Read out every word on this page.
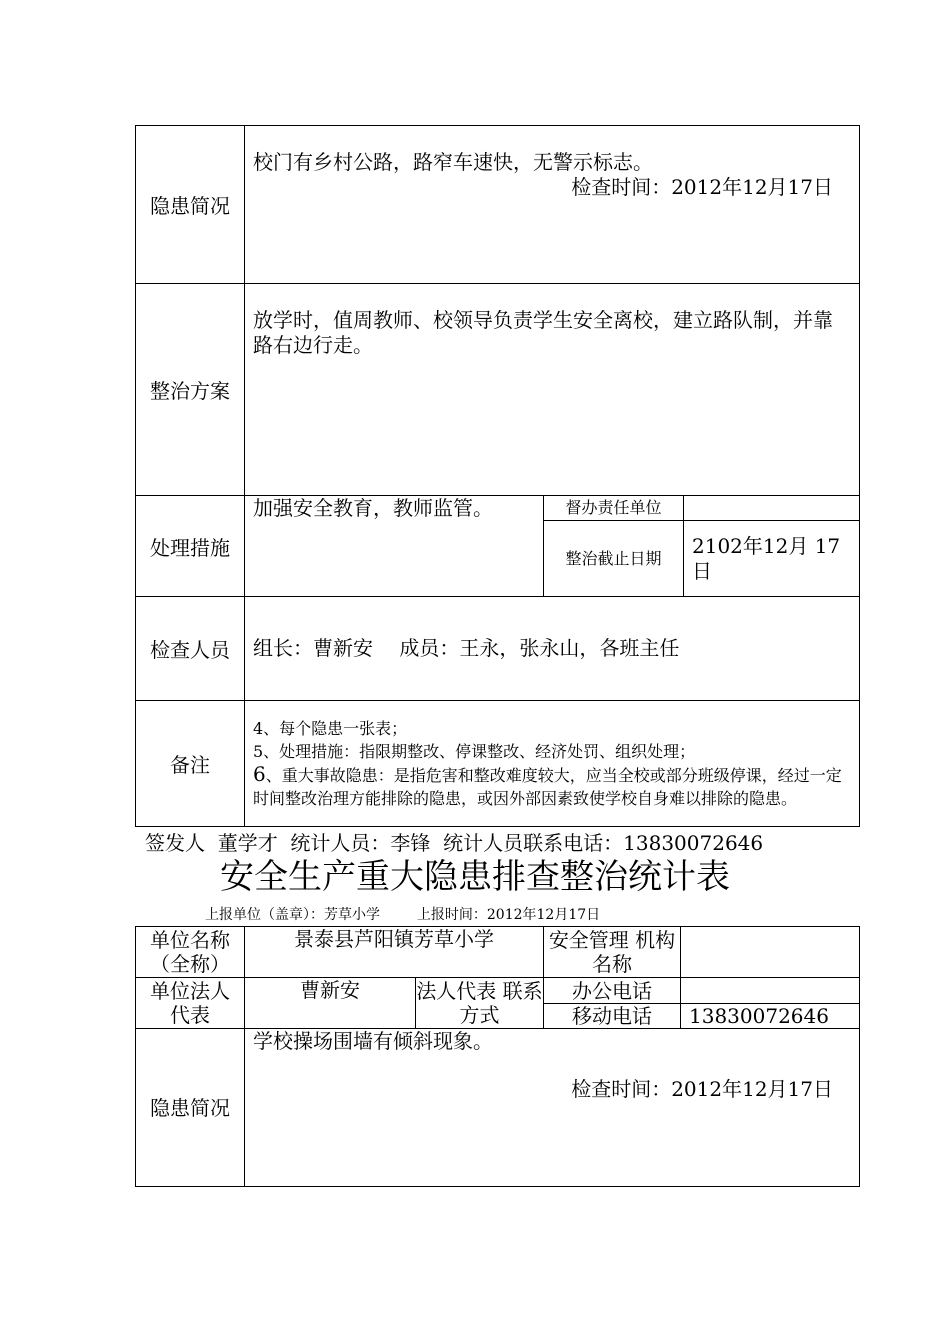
隐患简况	校门有乡村公路，路窄车速快，无警示标志。
检查时间：2012年12月17日		

整治方案	放学时，值周教师、校领导负责学生安全离校，建立路队制，并靠路右边行走。		
处理措施	加强安全教育，教师监管。	督办责任单位	
		整治截止日期	2102年12月 17日
检查人员	组长：曹新安　 成员：王永，张永山，各班主任		
备注	4、每个隐患一张表；
5、处理措施：指限期整改、停课整改、经济处罚、组织处理；
6、重大事故隐患：是指危害和整改难度较大，应当全校或部分班级停课，经过一定时间整改治理方能排除的隐患，或因外部因素致使学校自身难以排除的隐患。		
签发人  董学才  统计人员：李锋  统计人员联系电话：13830072646
安全生产重大隐患排查整治统计表
上报单位（盖章）：芳草小学　　  上报时间：2012年12月17日
单位名称（全称）	景泰县芦阳镇芳草小学		安全管理 机构名称	
单位法人代表	曹新安	法人代表 联系方式	办公电话	
			移动电话	13830072646
隐患简况	学校操场围墙有倾斜现象。
检查时间：2012年12月17日			
